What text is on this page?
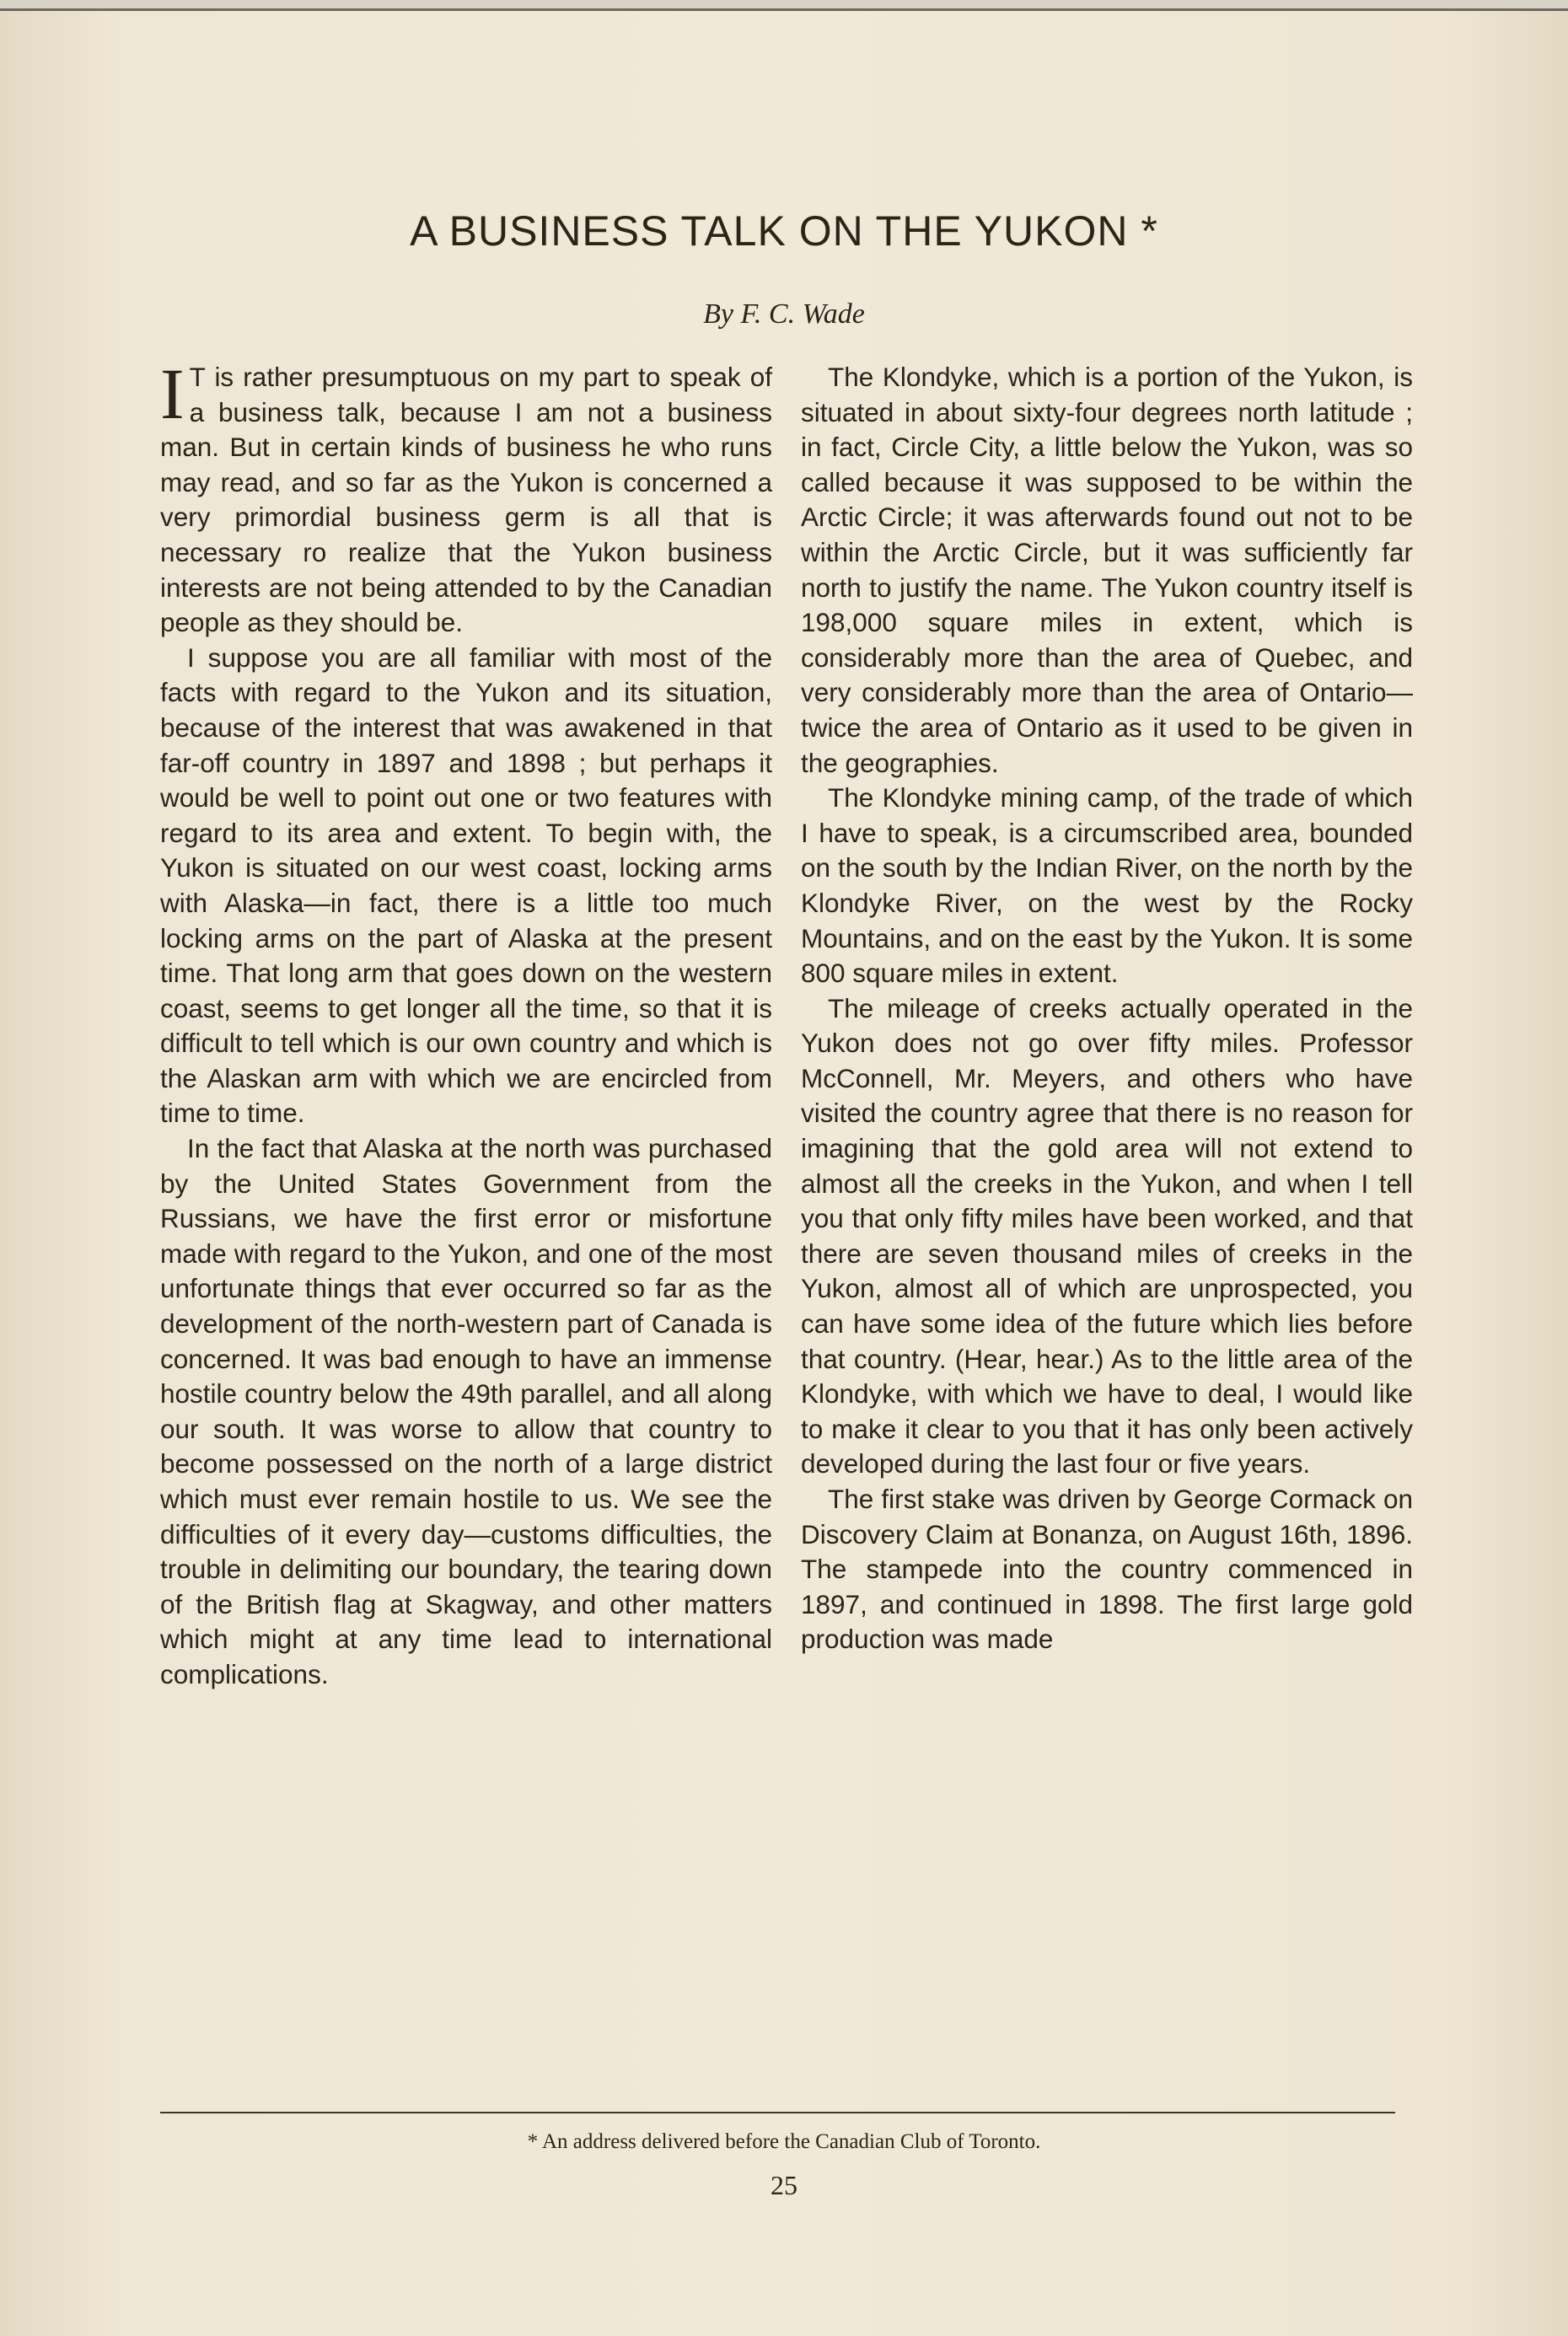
A BUSINESS TALK ON THE YUKON *
By F. C. Wade

I T is rather presumptuous on my part to speak of a business talk, because I am not a business man. But in certain kinds of business he who runs may read, and so far as the Yukon is concerned a very primordial business germ is all that is necessary ro realize that the Yukon business interests are not being attended to by the Canadian people as they should be.

I suppose you are all familiar with most of the facts with regard to the Yukon and its situation, because of the interest that was awakened in that far-off country in 1897 and 1898 ; but perhaps it would be well to point out one or two features with regard to its area and extent. To begin with, the Yukon is situated on our west coast, locking arms with Alaska—in fact, there is a little too much locking arms on the part of Alaska at the present time. That long arm that goes down on the western coast, seems to get longer all the time, so that it is difficult to tell which is our own country and which is the Alaskan arm with which we are encircled from time to time.

In the fact that Alaska at the north was purchased by the United States Government from the Russians, we have the first error or misfortune made with regard to the Yukon, and one of the most unfortunate things that ever occurred so far as the development of the north-western part of Canada is concerned. It was bad enough to have an immense hostile country below the 49th parallel, and all along our south. It was worse to allow that country to become possessed on the north of a large district which must ever remain hostile to us. We see the difficulties of it every day—customs difficulties, the trouble in delimiting our boundary, the tearing down of the British flag at Skagway, and other matters which might at any time lead to international complications.

The Klondyke, which is a portion of the Yukon, is situated in about sixty-four degrees north latitude ; in fact, Circle City, a little below the Yukon, was so called because it was supposed to be within the Arctic Circle; it was afterwards found out not to be within the Arctic Circle, but it was sufficiently far north to justify the name. The Yukon country itself is 198,000 square miles in extent, which is considerably more than the area of Quebec, and very considerably more than the area of Ontario—twice the area of Ontario as it used to be given in the geographies.

The Klondyke mining camp, of the trade of which I have to speak, is a circumscribed area, bounded on the south by the Indian River, on the north by the Klondyke River, on the west by the Rocky Mountains, and on the east by the Yukon. It is some 800 square miles in extent.

The mileage of creeks actually operated in the Yukon does not go over fifty miles. Professor McConnell, Mr. Meyers, and others who have visited the country agree that there is no reason for imagining that the gold area will not extend to almost all the creeks in the Yukon, and when I tell you that only fifty miles have been worked, and that there are seven thousand miles of creeks in the Yukon, almost all of which are unprospected, you can have some idea of the future which lies before that country. (Hear, hear.) As to the little area of the Klondyke, with which we have to deal, I would like to make it clear to you that it has only been actively developed during the last four or five years.

The first stake was driven by George Cormack on Discovery Claim at Bonanza, on August 16th, 1896. The stampede into the country commenced in 1897, and continued in 1898. The first large gold production was made

* An address delivered before the Canadian Club of Toronto.
25
